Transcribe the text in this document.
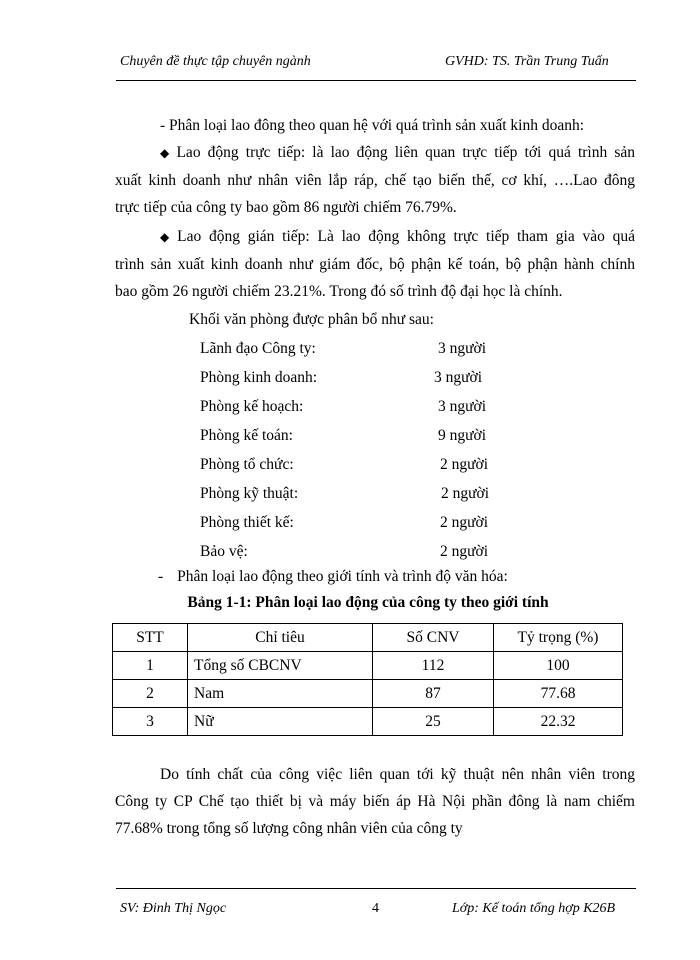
Chuyên đề thực tập chuyên ngành	GVHD: TS. Trần Trung Tuấn
- Phân loại lao đông theo quan hệ với quá trình sản xuất kinh doanh:
◆ Lao động trực tiếp: là lao động liên quan trực tiếp tới quá trình sản
xuất kinh doanh như nhân viên lắp ráp, chế tạo biến thế, cơ khí, ….Lao đông
trực tiếp của công ty bao gồm 86 người chiếm 76.79%.
◆ Lao động gián tiếp: Là lao động không trực tiếp tham gia vào quá
trình sản xuất kinh doanh như giám đốc, bộ phận kế toán, bộ phận hành chính
bao gồm 26 người chiếm 23.21%. Trong đó số trình độ đại học là chính.
Khối văn phòng được phân bổ như sau:
Lãnh đạo Công ty:	3 người
Phòng kinh doanh:	3 người
Phòng kế hoạch:	3 người
Phòng kế toán:	9 người
Phòng tổ chức:	2 người
Phòng kỹ thuật:	2 người
Phòng thiết kế:	2 người
Bảo vệ:	2 người
- Phân loại lao động theo giới tính và trình độ văn hóa:
Bảng 1-1: Phân loại lao động của công ty theo giới tính
STT	Chỉ tiêu	Số CNV	Tỷ trọng (%)
1	Tổng số CBCNV	112	100
2	Nam	87	77.68
3	Nữ	25	22.32
Do tính chất của công việc liên quan tới kỹ thuật nên nhân viên trong
Công ty CP Chế tạo thiết bị và máy biến áp Hà Nội phần đông là nam chiếm
77.68% trong tổng số lượng công nhân viên của công ty
SV: Đinh Thị Ngọc	4	Lớp: Kế toán tổng hợp K26B
